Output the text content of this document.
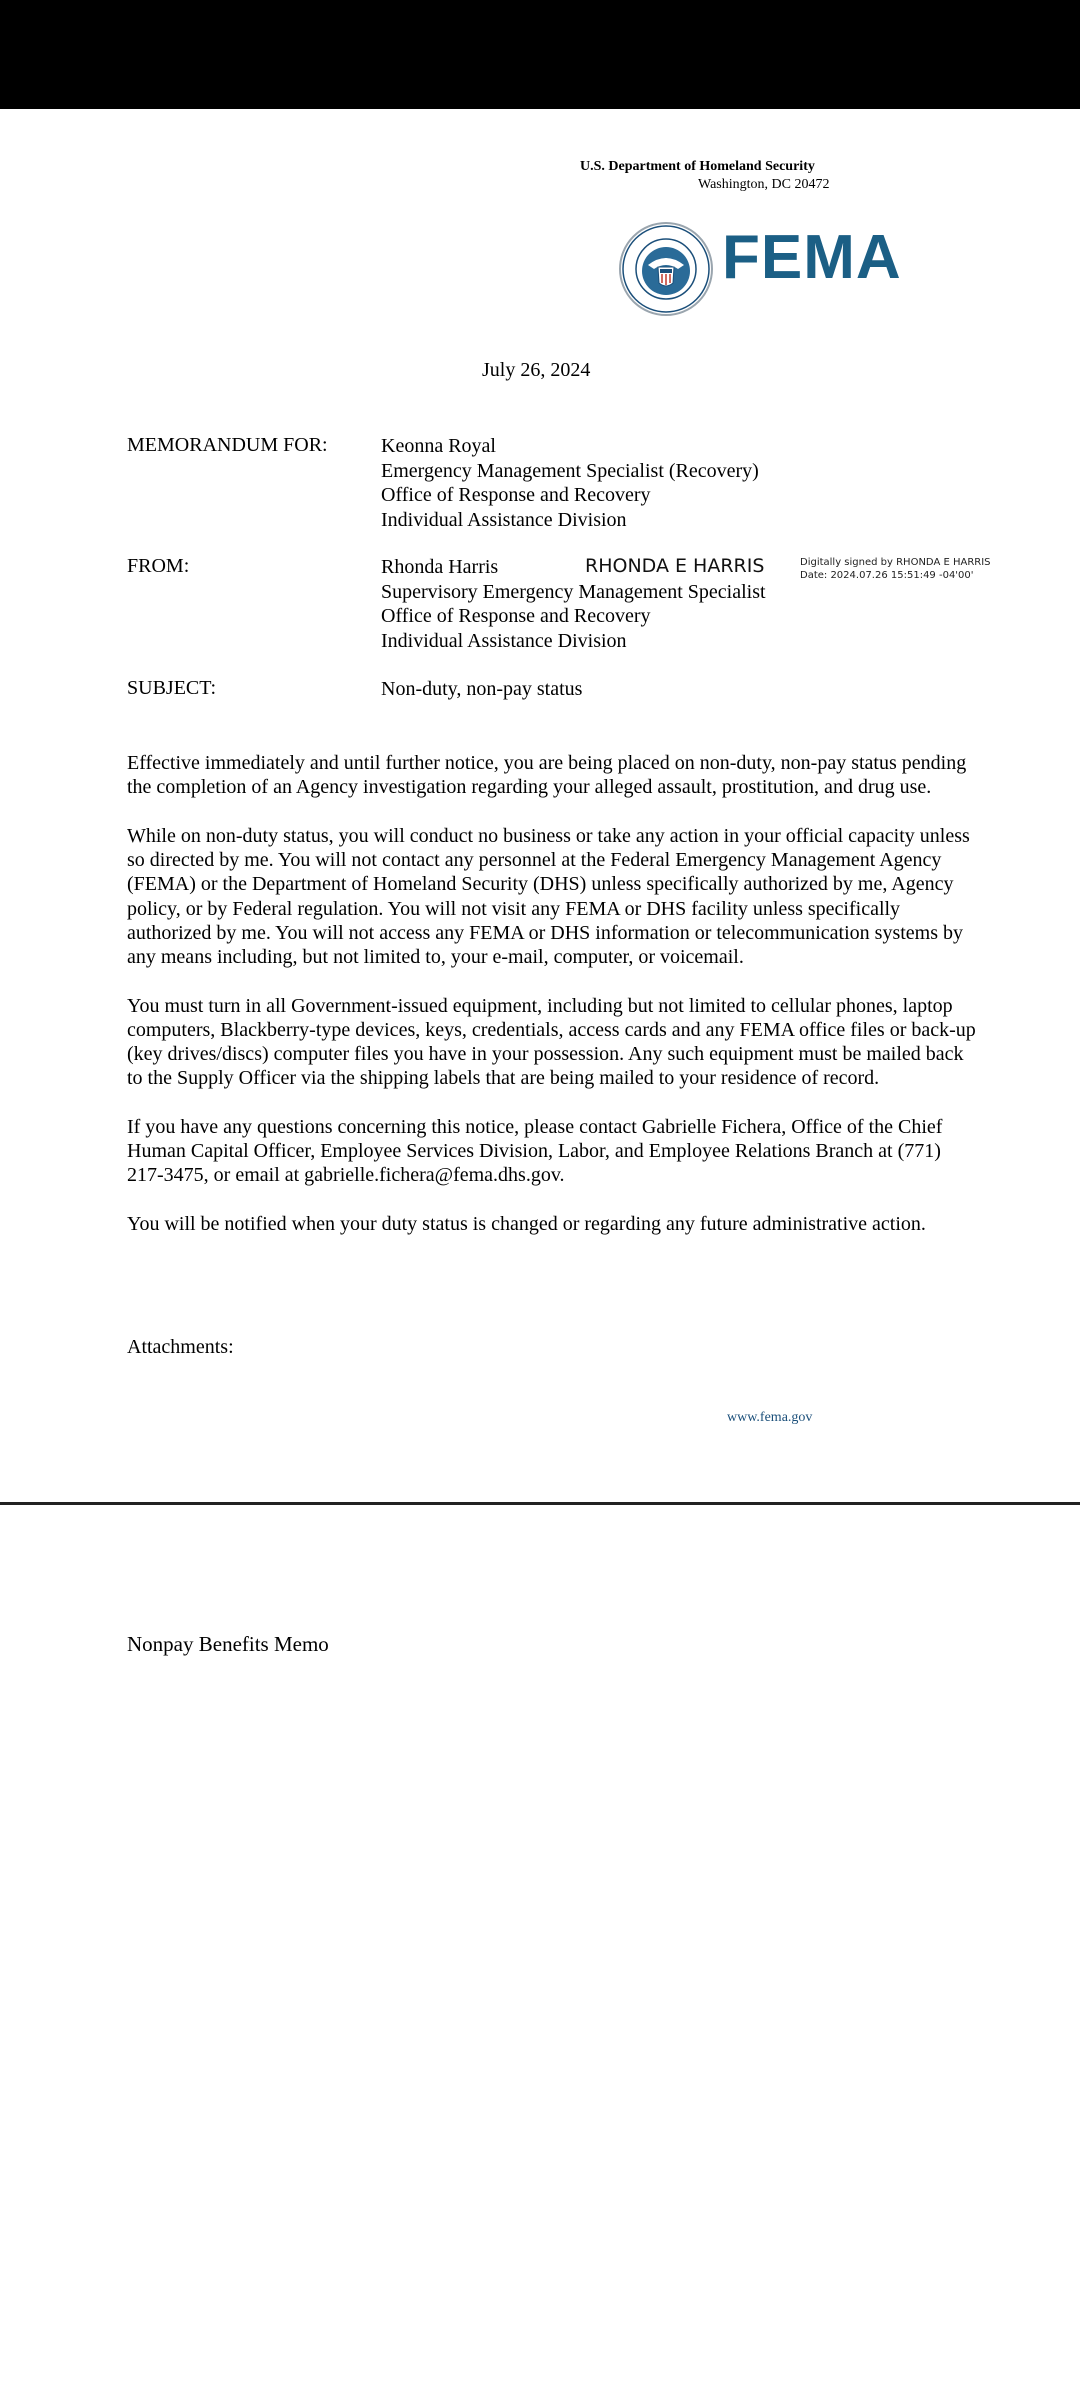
U.S. Department of Homeland Security
Washington, DC 20472
FEMA
July 26, 2024
MEMORANDUM FOR:	Keonna Royal
Emergency Management Specialist (Recovery)
Office of Response and Recovery
Individual Assistance Division
FROM:	Rhonda Harris
Supervisory Emergency Management Specialist
Office of Response and Recovery
Individual Assistance Division
RHONDA E HARRIS	Digitally signed by RHONDA E HARRIS
Date: 2024.07.26 15:51:49 -04'00'
SUBJECT:	Non-duty, non-pay status

Effective immediately and until further notice, you are being placed on non-duty, non-pay status pending the completion of an Agency investigation regarding your alleged assault, prostitution, and drug use.

While on non-duty status, you will conduct no business or take any action in your official capacity unless so directed by me. You will not contact any personnel at the Federal Emergency Management Agency (FEMA) or the Department of Homeland Security (DHS) unless specifically authorized by me, Agency policy, or by Federal regulation. You will not visit any FEMA or DHS facility unless specifically authorized by me. You will not access any FEMA or DHS information or telecommunication systems by any means including, but not limited to, your e-mail, computer, or voicemail.

You must turn in all Government-issued equipment, including but not limited to cellular phones, laptop computers, Blackberry-type devices, keys, credentials, access cards and any FEMA office files or back-up (key drives/discs) computer files you have in your possession. Any such equipment must be mailed back to the Supply Officer via the shipping labels that are being mailed to your residence of record.

If you have any questions concerning this notice, please contact Gabrielle Fichera, Office of the Chief Human Capital Officer, Employee Services Division, Labor, and Employee Relations Branch at (771) 217-3475, or email at gabrielle.fichera@fema.dhs.gov.

You will be notified when your duty status is changed or regarding any future administrative action.

Attachments:
www.fema.gov
Nonpay Benefits Memo
